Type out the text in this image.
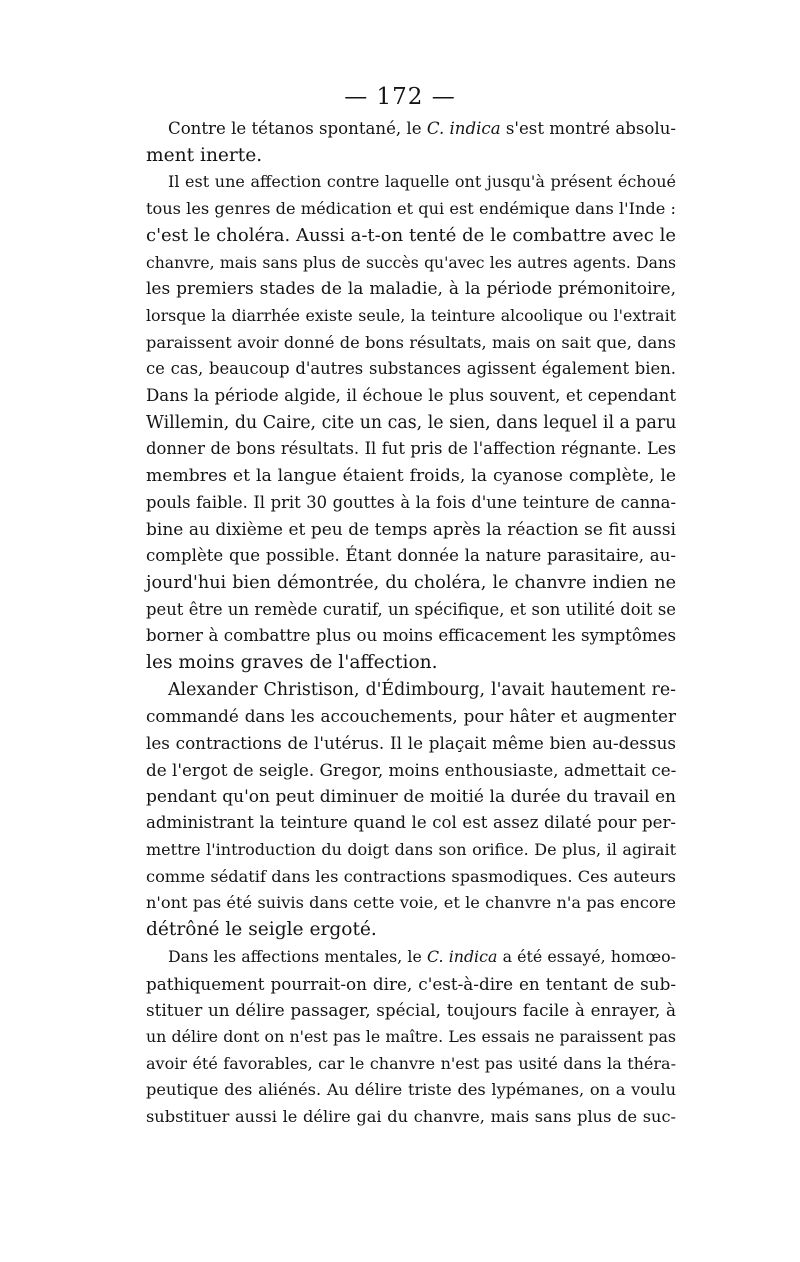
— 172 —

Contre le tétanos spontané, le C. indica s'est montré absolu-
ment inerte.

Il est une affection contre laquelle ont jusqu'à présent échoué
tous les genres de médication et qui est endémique dans l'Inde :
c'est le choléra. Aussi a-t-on tenté de le combattre avec le
chanvre, mais sans plus de succès qu'avec les autres agents. Dans
les premiers stades de la maladie, à la période prémonitoire,
lorsque la diarrhée existe seule, la teinture alcoolique ou l'extrait
paraissent avoir donné de bons résultats, mais on sait que, dans
ce cas, beaucoup d'autres substances agissent également bien.
Dans la période algide, il échoue le plus souvent, et cependant
Willemin, du Caire, cite un cas, le sien, dans lequel il a paru
donner de bons résultats. Il fut pris de l'affection régnante. Les
membres et la langue étaient froids, la cyanose complète, le
pouls faible. Il prit 30 gouttes à la fois d'une teinture de canna-
bine au dixième et peu de temps après la réaction se fit aussi
complète que possible. Étant donnée la nature parasitaire, au-
jourd'hui bien démontrée, du choléra, le chanvre indien ne
peut être un remède curatif, un spécifique, et son utilité doit se
borner à combattre plus ou moins efficacement les symptômes
les moins graves de l'affection.

Alexander Christison, d'Édimbourg, l'avait hautement re-
commandé dans les accouchements, pour hâter et augmenter
les contractions de l'utérus. Il le plaçait même bien au-dessus
de l'ergot de seigle. Gregor, moins enthousiaste, admettait ce-
pendant qu'on peut diminuer de moitié la durée du travail en
administrant la teinture quand le col est assez dilaté pour per-
mettre l'introduction du doigt dans son orifice. De plus, il agirait
comme sédatif dans les contractions spasmodiques. Ces auteurs
n'ont pas été suivis dans cette voie, et le chanvre n'a pas encore
détrôné le seigle ergoté.

Dans les affections mentales, le C. indica a été essayé, homœo-
pathiquement pourrait-on dire, c'est-à-dire en tentant de sub-
stituer un délire passager, spécial, toujours facile à enrayer, à
un délire dont on n'est pas le maître. Les essais ne paraissent pas
avoir été favorables, car le chanvre n'est pas usité dans la théra-
peutique des aliénés. Au délire triste des lypémanes, on a voulu
substituer aussi le délire gai du chanvre, mais sans plus de suc-
